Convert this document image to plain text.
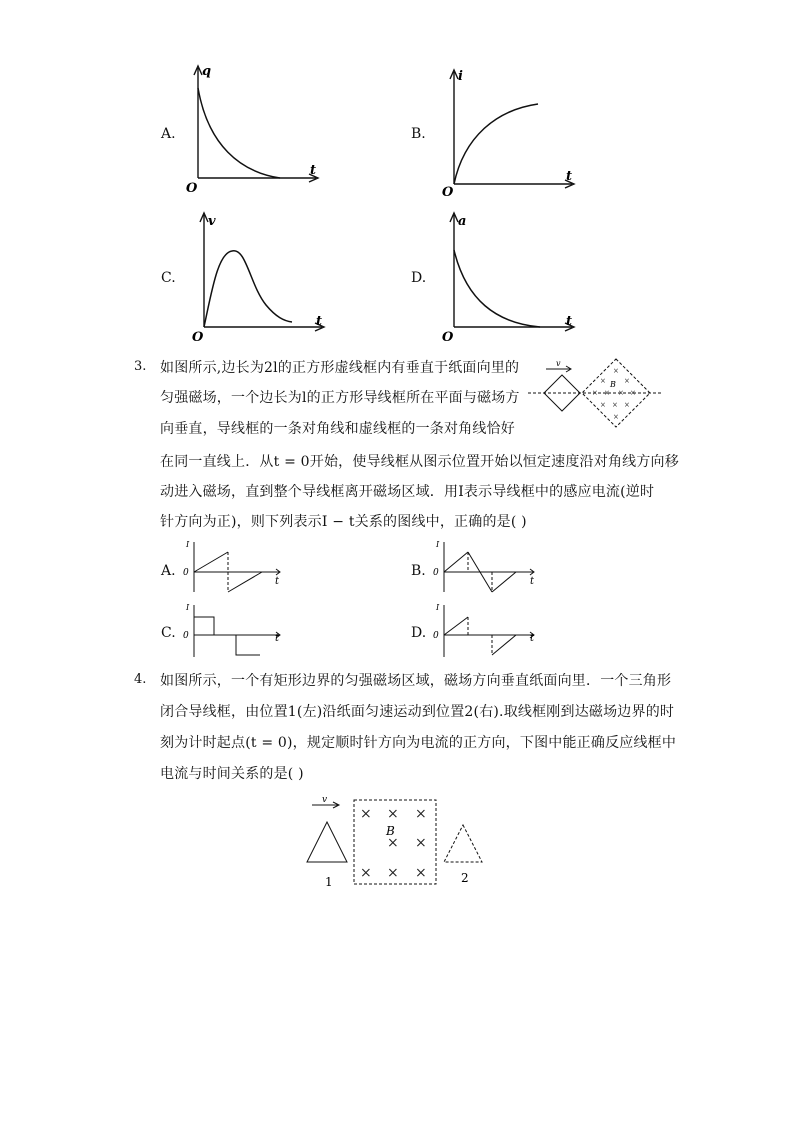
A.
q
t
O
B.
i
t
O
C.
v
t
O
D.
a
t
O
3. 如图所示,边长为2l的正方形虚线框内有垂直于纸面向里的
匀强磁场，一个边长为l的正方形导线框所在平面与磁场方
向垂直，导线框的一条对角线和虚线框的一条对角线恰好
在同一直线上．从t = 0开始，使导线框从图示位置开始以恒定速度沿对角线方向移
动进入磁场，直到整个导线框离开磁场区域．用I表示导线框中的感应电流(逆时
针方向为正)，则下列表示I − t关系的图线中，正确的是( )
v
B
×
×	×
× × × ×
× × ×
×
A.
I
t
0	B.
I
t
0
C.
I
t
0	D.
I
t
0
4. 如图所示，一个有矩形边界的匀强磁场区域，磁场方向垂直纸面向里．一个三角形
闭合导线框，由位置1(左)沿纸面匀速运动到位置2(右).取线框刚到达磁场边界的时
刻为计时起点(t = 0)，规定顺时针方向为电流的正方向，下图中能正确反应线框中
电流与时间关系的是( )
v
× × ×
× ×
× × ×
B
1	2
